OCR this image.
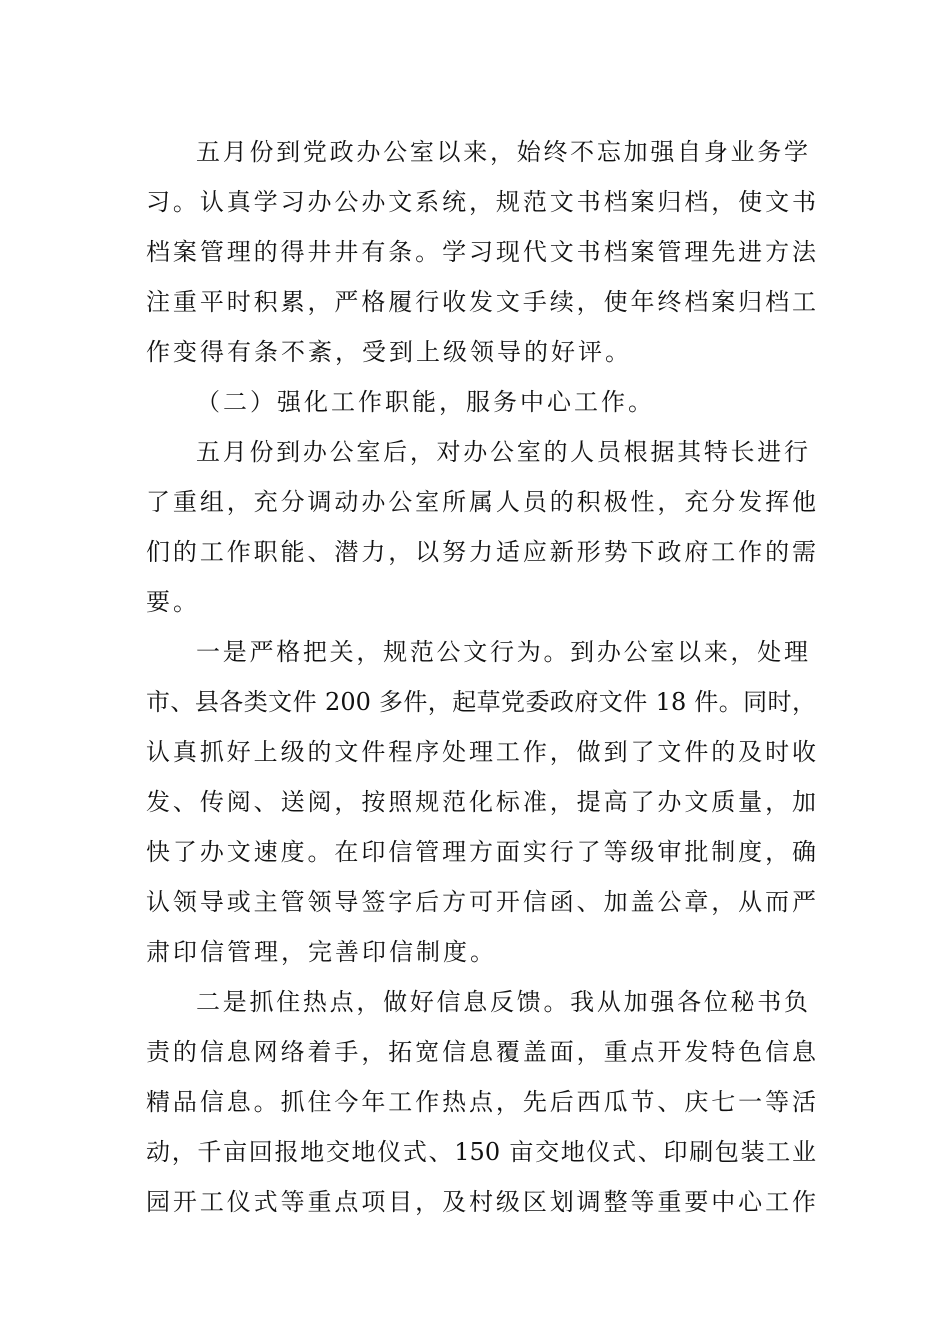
五月份到党政办公室以来，始终不忘加强自身业务学
习。认真学习办公办文系统，规范文书档案归档，使文书
档案管理的得井井有条。学习现代文书档案管理先进方法
注重平时积累，严格履行收发文手续，使年终档案归档工
作变得有条不紊，受到上级领导的好评。
（二）强化工作职能，服务中心工作。
五月份到办公室后，对办公室的人员根据其特长进行
了重组，充分调动办公室所属人员的积极性，充分发挥他
们的工作职能、潜力，以努力适应新形势下政府工作的需
要。
一是严格把关，规范公文行为。到办公室以来，处理
市、县各类文件 200 多件，起草党委政府文件 18 件。同时，
认真抓好上级的文件程序处理工作，做到了文件的及时收
发、传阅、送阅，按照规范化标准，提高了办文质量，加
快了办文速度。在印信管理方面实行了等级审批制度，确
认领导或主管领导签字后方可开信函、加盖公章，从而严
肃印信管理，完善印信制度。
二是抓住热点，做好信息反馈。我从加强各位秘书负
责的信息网络着手，拓宽信息覆盖面，重点开发特色信息
精品信息。抓住今年工作热点，先后西瓜节、庆七一等活
动，千亩回报地交地仪式、150 亩交地仪式、印刷包装工业
园开工仪式等重点项目，及村级区划调整等重要中心工作
